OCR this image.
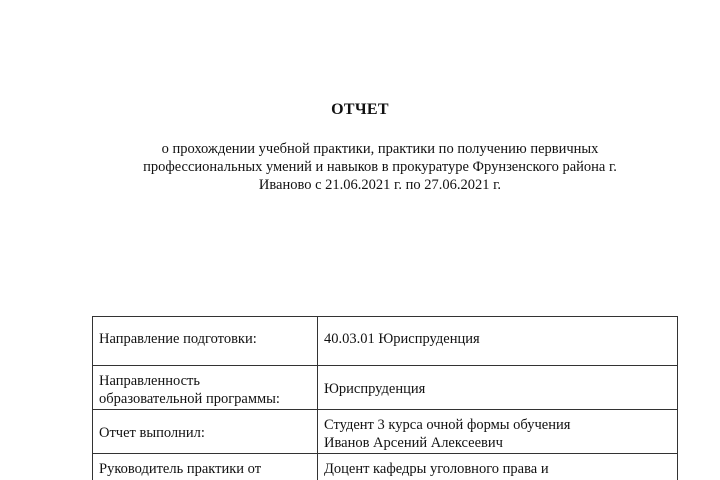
ОТЧЕТ
о прохождении учебной практики, практики по получению первичных
профессиональных умений и навыков в прокуратуре Фрунзенского района г.
Иваново с 21.06.2021 г. по 27.06.2021 г.
Направление подготовки:	40.03.01 Юриспруденция

Направленность
образовательной программы:	Юриспруденция

Отчет выполнил:	Студент 3 курса очной формы обучения
Иванов Арсений Алексеевич

Руководитель практики от	Доцент кафедры уголовного права и
